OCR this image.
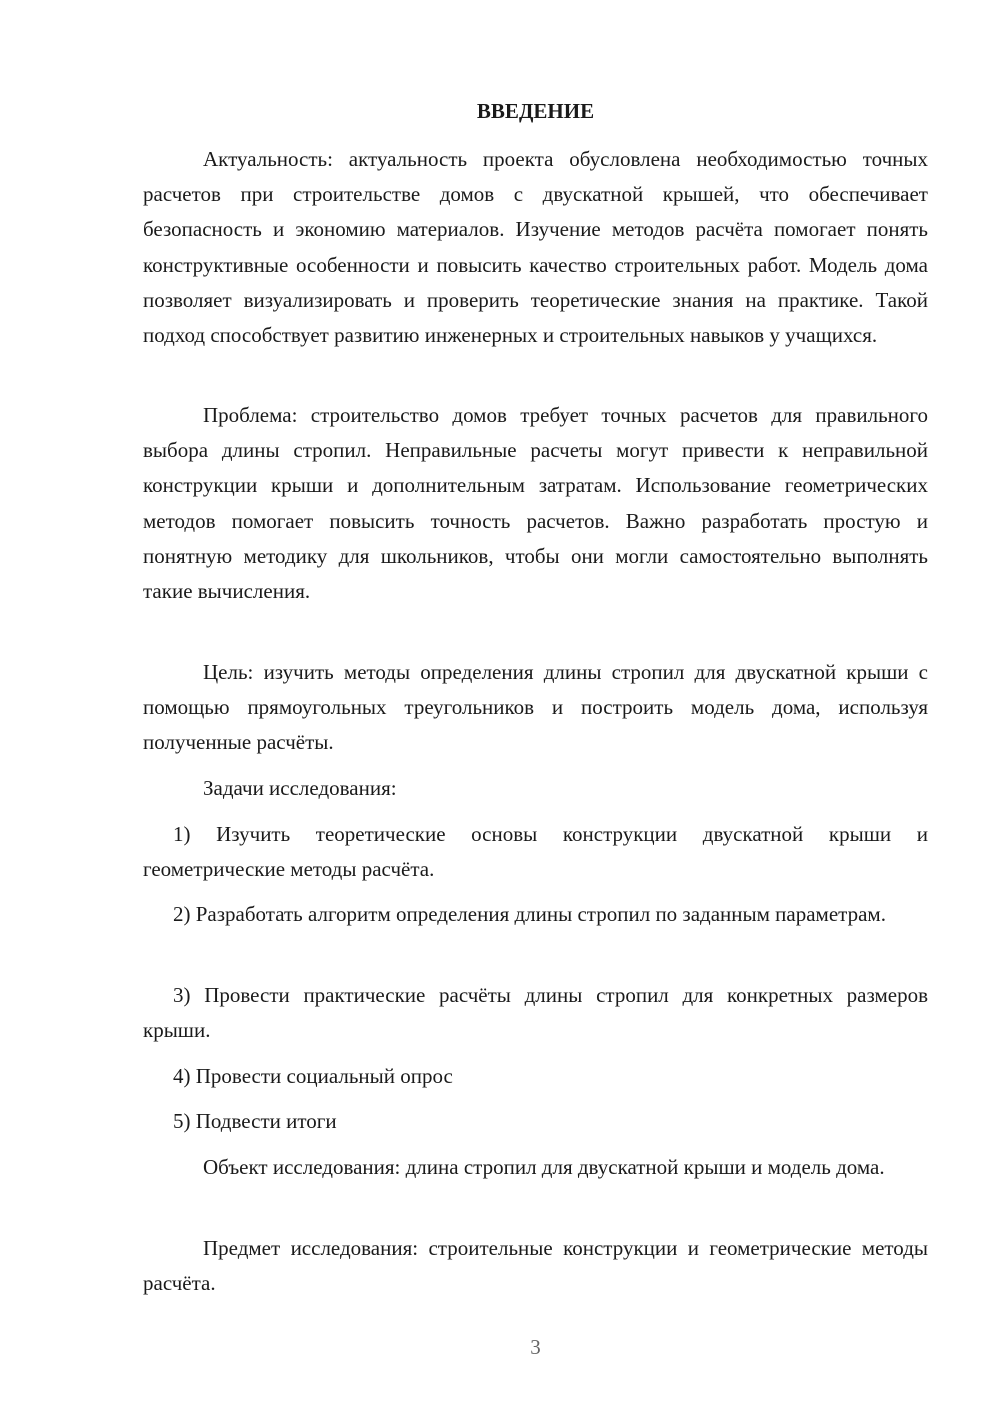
ВВЕДЕНИЕ

Актуальность: актуальность проекта обусловлена необходимостью точных расчетов при строительстве домов с двускатной крышей, что обеспечивает безопасность и экономию материалов. Изучение методов расчёта помогает понять конструктивные особенности и повысить качество строительных работ. Модель дома позволяет визуализировать и проверить теоретические знания на практике. Такой подход способствует развитию инженерных и строительных навыков у учащихся.

Проблема: строительство домов требует точных расчетов для правильного выбора длины стропил. Неправильные расчеты могут привести к неправильной конструкции крыши и дополнительным затратам. Использование геометрических методов помогает повысить точность расчетов. Важно разработать простую и понятную методику для школьников, чтобы они могли самостоятельно выполнять такие вычисления.

Цель: изучить методы определения длины стропил для двускатной крыши с помощью прямоугольных треугольников и построить модель дома, используя полученные расчёты.

Задачи исследования:

1) Изучить теоретические основы конструкции двускатной крыши и геометрические методы расчёта.

2) Разработать алгоритм определения длины стропил по заданным параметрам.

3) Провести практические расчёты длины стропил для конкретных размеров крыши.

4) Провести социальный опрос

5) Подвести итоги

Объект исследования: длина стропил для двускатной крыши и модель дома.

Предмет исследования: строительные конструкции и геометрические методы расчёта.

3
